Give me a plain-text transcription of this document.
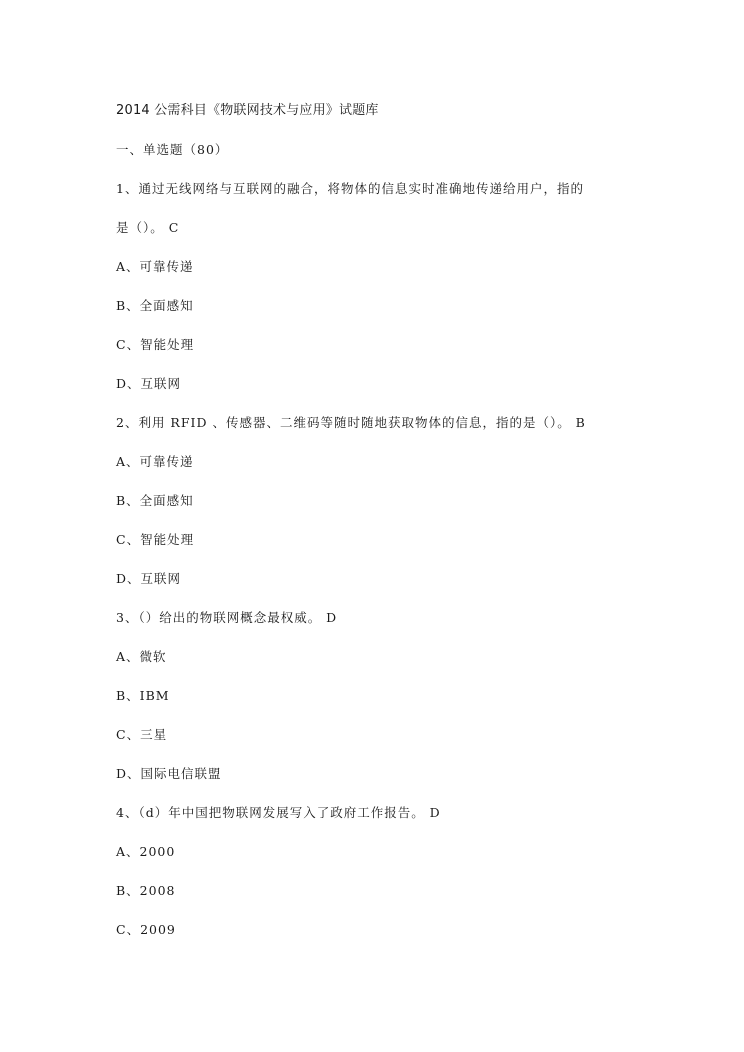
2014 公需科目《物联网技术与应用》试题库
一、单选题（80）
1、通过无线网络与互联网的融合，将物体的信息实时准确地传递给用户，指的
是（）。 C
A、可靠传递
B、全面感知
C、智能处理
D、互联网
2、利用 RFID 、传感器、二维码等随时随地获取物体的信息，指的是（）。 B
A、可靠传递
B、全面感知
C、智能处理
D、互联网
3、（）给出的物联网概念最权威。 D
A、微软
B、IBM
C、三星
D、国际电信联盟
4、（d）年中国把物联网发展写入了政府工作报告。 D
A、2000
B、2008
C、2009
